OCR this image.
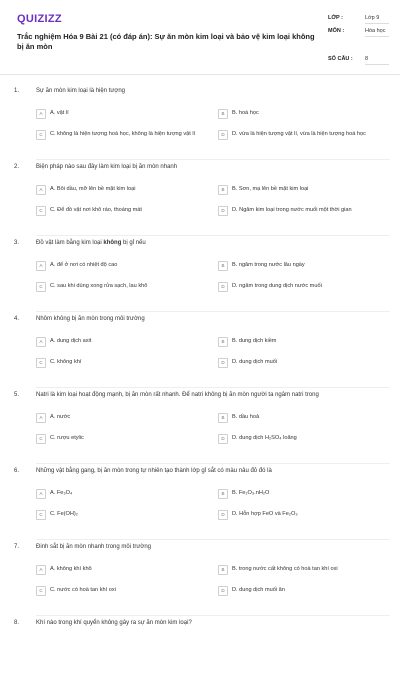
QUIZIZZ
Trắc nghiệm Hóa 9 Bài 21 (có đáp án): Sự ăn mòn kim loại và bảo vệ kim loại không bị ăn mòn
LỚP :	Lớp 9
MÔN :	Hóa học
SỐ CÂU : 8
1.	Sự ăn mòn kim loại là hiện tượng
A	A. vật lí	B	B. hoá học
C	C. không là hiện tượng hoá học, không là hiện tượng vật lí	D	D. vừa là hiện tượng vật lí, vừa là hiện tượng hoá học
2.	Biện pháp nào sau đây làm kim loại bị ăn mòn nhanh
A	A. Bôi dầu, mỡ lên bề mặt kim loại	B	B. Sơn, mạ lên bề mặt kim loại
C	C. Để đồ vật nơi khô ráo, thoáng mát	D	D. Ngâm kim loại trong nước muối một thời gian
3.	Đồ vật làm bằng kim loại không bị gỉ nếu
A	A. để ở nơi có nhiệt độ cao	B	B. ngâm trong nước lâu ngày
C	C. sau khi dùng xong rửa sạch, lau khô	D	D. ngâm trong dung dịch nước muối
4.	Nhôm không bị ăn mòn trong môi trường
A	A. dung dịch axit	B	B. dung dịch kiềm
C	C. không khí	D	D. dung dịch muối
5.	Natri là kim loại hoạt động mạnh, bị ăn mòn rất nhanh. Để natri không bị ăn mòn người ta ngâm natri trong
A	A. nước	B	B. dầu hoả
C	C. rượu etylic	D	D. dung dịch H₂SO₄ loãng
6.	Những vật bằng gang, bị ăn mòn trong tự nhiên tạo thành lớp gỉ sắt có màu nâu đỏ đó là
A	A. Fe₃O₄	B	B. Fe₂O₃.nH₂O
C	C. Fe(OH)₂	D	D. Hỗn hợp FeO và Fe₂O₃
7.	Đinh sắt bị ăn mòn nhanh trong môi trường
A	A. không khí khô	B	B. trong nước cất không có hoà tan khí oxi
C	C. nước có hoà tan khí oxi	D	D. dung dịch muối ăn
8.	Khí nào trong khí quyển không gây ra sự ăn mòn kim loại?
